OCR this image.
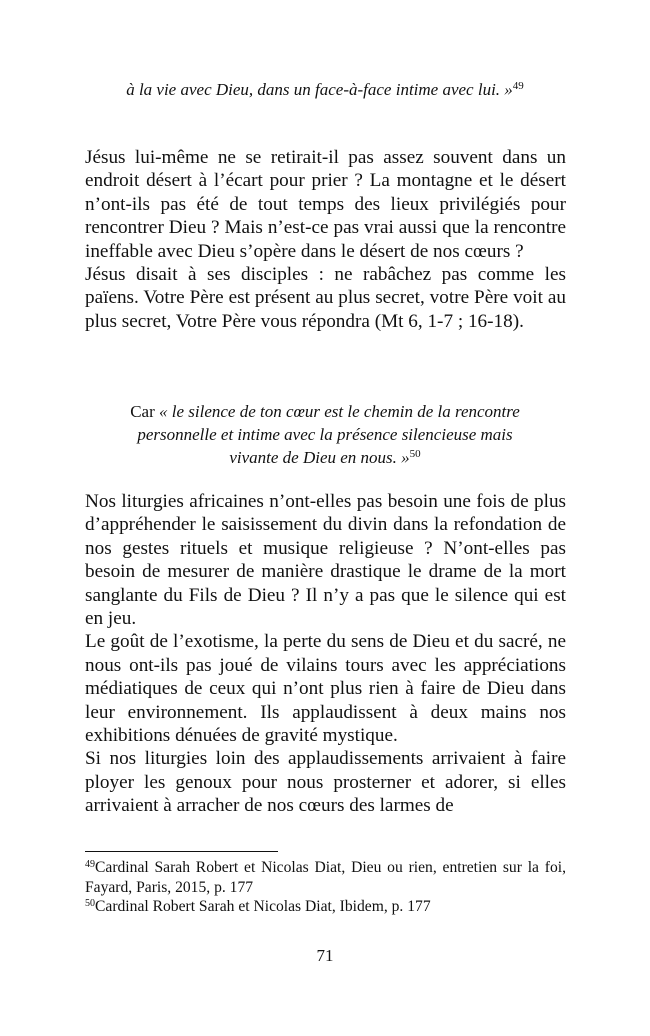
à la vie avec Dieu, dans un face-à-face intime avec lui. »$^{49}$

Jésus lui-même ne se retirait-il pas assez souvent dans un endroit désert à l’écart pour prier ? La montagne et le désert n’ont-ils pas été de tout temps des lieux privilégiés pour rencontrer Dieu ? Mais n’est-ce pas vrai aussi que la rencontre ineffable avec Dieu s’opère dans le désert de nos cœurs ?

Jésus disait à ses disciples : ne rabâchez pas comme les païens. Votre Père est présent au plus secret, votre Père voit au plus secret, Votre Père vous répondra (Mt 6, 1-7 ; 16-18).

Car « le silence de ton cœur est le chemin de la rencontre personnelle et intime avec la présence silencieuse mais vivante de Dieu en nous. »$^{50}$

Nos liturgies africaines n’ont-elles pas besoin une fois de plus d’appréhender le saisissement du divin dans la refondation de nos gestes rituels et musique religieuse ? N’ont-elles pas besoin de mesurer de manière drastique le drame de la mort sanglante du Fils de Dieu ? Il n’y a pas que le silence qui est en jeu.

Le goût de l’exotisme, la perte du sens de Dieu et du sacré, ne nous ont-ils pas joué de vilains tours avec les appréciations médiatiques de ceux qui n’ont plus rien à faire de Dieu dans leur environnement. Ils applaudissent à deux mains nos exhibitions dénuées de gravité mystique.

Si nos liturgies loin des applaudissements arrivaient à faire ployer les genoux pour nous prosterner et adorer, si elles arrivaient à arracher de nos cœurs des larmes de

$^{49}$Cardinal Sarah Robert et Nicolas Diat, Dieu ou rien, entretien sur la foi, Fayard, Paris, 2015, p. 177

$^{50}$Cardinal Robert Sarah et Nicolas Diat, Ibidem, p. 177

71
